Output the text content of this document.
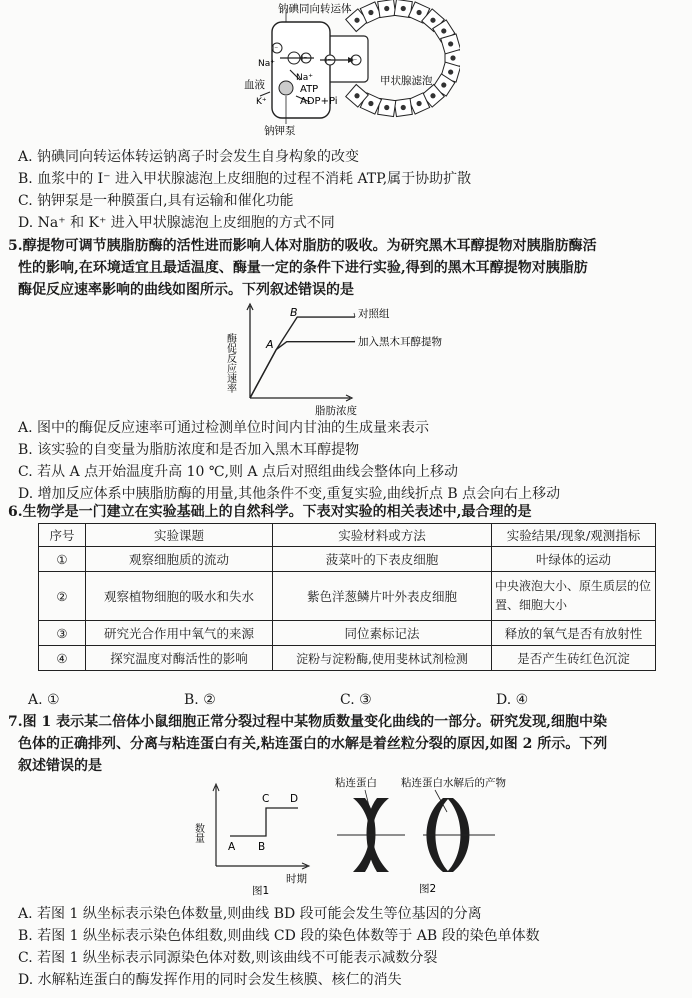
钠碘同向转运体
血液
钠钾泵
甲状腺滤泡
I⁻
I⁻ I⁻	I⁻
Na⁺
Na⁺
K⁺
ATP
ADP+Pi
A. 钠碘同向转运体转运钠离子时会发生自身构象的改变
B. 血浆中的 I⁻ 进入甲状腺滤泡上皮细胞的过程不消耗 ATP,属于协助扩散
C. 钠钾泵是一种膜蛋白,具有运输和催化功能
D. Na⁺ 和 K⁺ 进入甲状腺滤泡上皮细胞的方式不同
5.醇提物可调节胰脂肪酶的活性进而影响人体对脂肪的吸收。为研究黑木耳醇提物对胰脂肪酶活
性的影响,在环境适宜且最适温度、酶量一定的条件下进行实验,得到的黑木耳醇提物对胰脂肪
酶促反应速率影响的曲线如图所示。下列叙述错误的是
酶促反应速率
脂肪浓度
对照组
加入黑木耳醇提物
B
A
A. 图中的酶促反应速率可通过检测单位时间内甘油的生成量来表示
B. 该实验的自变量为脂肪浓度和是否加入黑木耳醇提物
C. 若从 A 点开始温度升高 10 ℃,则 A 点后对照组曲线会整体向上移动
D. 增加反应体系中胰脂肪酶的用量,其他条件不变,重复实验,曲线折点 B 点会向右上移动
6.生物学是一门建立在实验基础上的自然科学。下表对实验的相关表述中,最合理的是
序号	实验课题	实验材料或方法	实验结果/现象/观测指标
①	观察细胞质的流动	菠菜叶的下表皮细胞	叶绿体的运动
②	观察植物细胞的吸水和失水	紫色洋葱鳞片叶外表皮细胞	中央液泡大小、原生质层的位置、细胞大小
③	研究光合作用中氧气的来源	同位素标记法	释放的氧气是否有放射性
④	探究温度对酶活性的影响	淀粉与淀粉酶,使用斐林试剂检测	是否产生砖红色沉淀
A. ①	B. ②	C. ③	D. ④
7.图 1 表示某二倍体小鼠细胞正常分裂过程中某物质数量变化曲线的一部分。研究发现,细胞中染
色体的正确排列、分离与粘连蛋白有关,粘连蛋白的水解是着丝粒分裂的原因,如图 2 所示。下列
叙述错误的是
数量
时期
A B
C D
图1
粘连蛋白 粘连蛋白水解后的产物
图2
A. 若图 1 纵坐标表示染色体数量,则曲线 BD 段可能会发生等位基因的分离
B. 若图 1 纵坐标表示染色体组数,则曲线 CD 段的染色体数等于 AB 段的染色单体数
C. 若图 1 纵坐标表示同源染色体对数,则该曲线不可能表示减数分裂
D. 水解粘连蛋白的酶发挥作用的同时会发生核膜、核仁的消失
